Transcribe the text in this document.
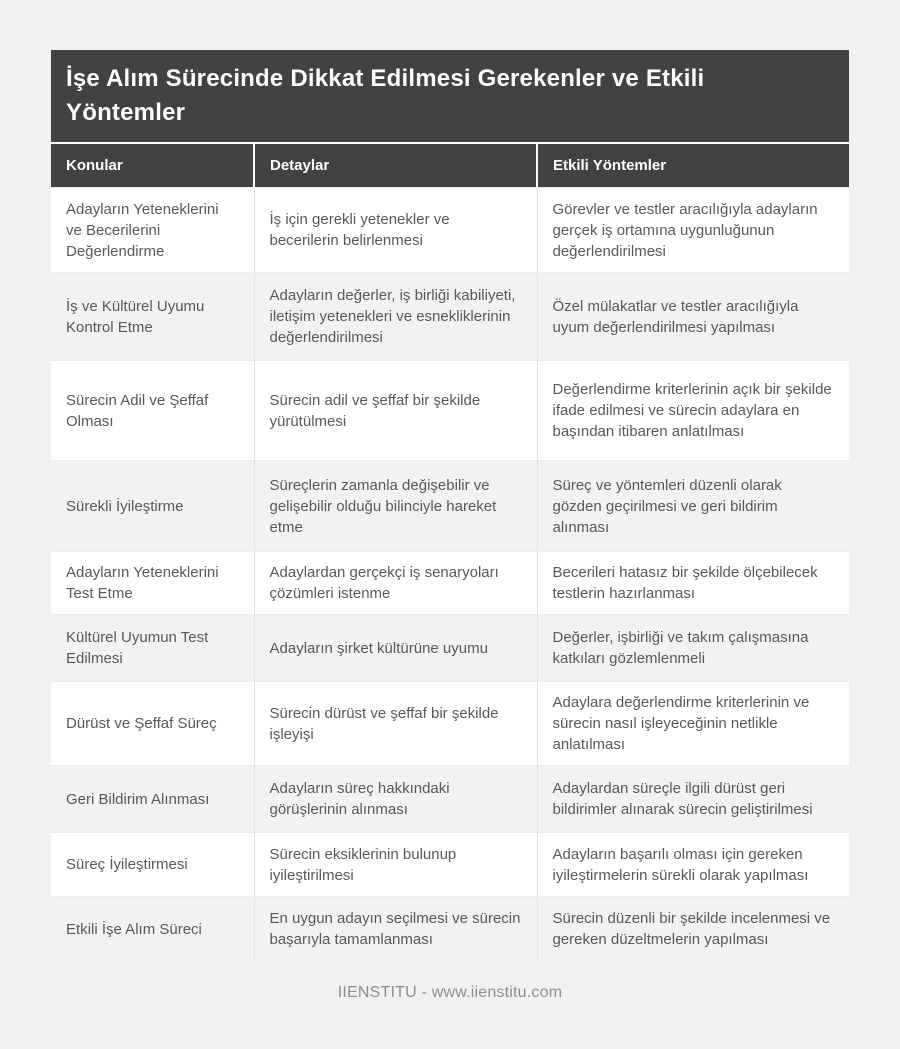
İşe Alım Sürecinde Dikkat Edilmesi Gerekenler ve Etkili Yöntemler
Konular	Detaylar	Etkili Yöntemler
Adayların Yeteneklerini ve Becerilerini Değerlendirme	İş için gerekli yetenekler ve becerilerin belirlenmesi	Görevler ve testler aracılığıyla adayların gerçek iş ortamına uygunluğunun değerlendirilmesi
İş ve Kültürel Uyumu Kontrol Etme	Adayların değerler, iş birliği kabiliyeti, iletişim yetenekleri ve esnekliklerinin değerlendirilmesi	Özel mülakatlar ve testler aracılığıyla uyum değerlendirilmesi yapılması
Sürecin Adil ve Şeffaf Olması	Sürecin adil ve şeffaf bir şekilde yürütülmesi	Değerlendirme kriterlerinin açık bir şekilde ifade edilmesi ve sürecin adaylara en başından itibaren anlatılması
Sürekli İyileştirme	Süreçlerin zamanla değişebilir ve gelişebilir olduğu bilinciyle hareket etme	Süreç ve yöntemleri düzenli olarak gözden geçirilmesi ve geri bildirim alınması
Adayların Yeteneklerini Test Etme	Adaylardan gerçekçi iş senaryoları çözümleri istenme	Becerileri hatasız bir şekilde ölçebilecek testlerin hazırlanması
Kültürel Uyumun Test Edilmesi	Adayların şirket kültürüne uyumu	Değerler, işbirliği ve takım çalışmasına katkıları gözlemlenmeli
Dürüst ve Şeffaf Süreç	Sürecin dürüst ve şeffaf bir şekilde işleyişi	Adaylara değerlendirme kriterlerinin ve sürecin nasıl işleyeceğinin netlikle anlatılması
Geri Bildirim Alınması	Adayların süreç hakkındaki görüşlerinin alınması	Adaylardan süreçle ilgili dürüst geri bildirimler alınarak sürecin geliştirilmesi
Süreç İyileştirmesi	Sürecin eksiklerinin bulunup iyileştirilmesi	Adayların başarılı olması için gereken iyileştirmelerin sürekli olarak yapılması
Etkili İşe Alım Süreci	En uygun adayın seçilmesi ve sürecin başarıyla tamamlanması	Sürecin düzenli bir şekilde incelenmesi ve gereken düzeltmelerin yapılması
IIENSTITU - www.iienstitu.com
